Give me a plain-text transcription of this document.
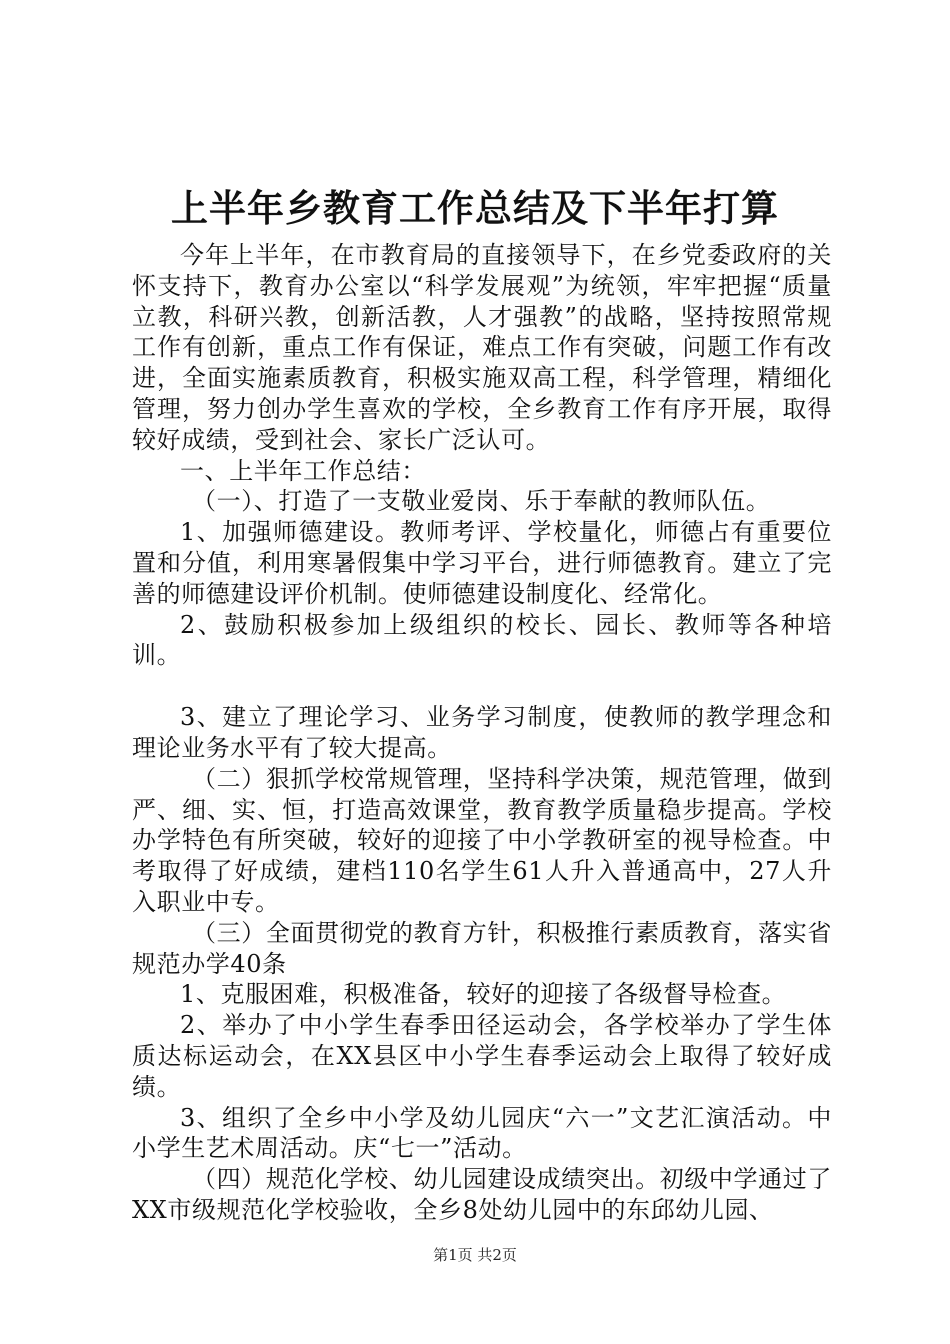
上半年乡教育工作总结及下半年打算

今年上半年，在市教育局的直接领导下，在乡党委政府的关怀支持下，教育办公室以“科学发展观”为统领，牢牢把握“质量立教，科研兴教，创新活教，人才强教”的战略，坚持按照常规工作有创新，重点工作有保证，难点工作有突破，问题工作有改进，全面实施素质教育，积极实施双高工程，科学管理，精细化管理，努力创办学生喜欢的学校，全乡教育工作有序开展，取得较好成绩，受到社会、家长广泛认可。

一、上半年工作总结：

（一）、打造了一支敬业爱岗、乐于奉献的教师队伍。

1、加强师德建设。教师考评、学校量化，师德占有重要位置和分值，利用寒暑假集中学习平台，进行师德教育。建立了完善的师德建设评价机制。使师德建设制度化、经常化。

2、鼓励积极参加上级组织的校长、园长、教师等各种培训。

3、建立了理论学习、业务学习制度，使教师的教学理念和理论业务水平有了较大提高。

（二）狠抓学校常规管理，坚持科学决策，规范管理，做到严、细、实、恒，打造高效课堂，教育教学质量稳步提高。学校办学特色有所突破，较好的迎接了中小学教研室的视导检查。中考取得了好成绩，建档110名学生61人升入普通高中，27人升入职业中专。

（三）全面贯彻党的教育方针，积极推行素质教育，落实省规范办学40条

1、克服困难，积极准备，较好的迎接了各级督导检查。

2、举办了中小学生春季田径运动会，各学校举办了学生体质达标运动会，在XX县区中小学生春季运动会上取得了较好成绩。

3、组织了全乡中小学及幼儿园庆“六一”文艺汇演活动。中小学生艺术周活动。庆“七一”活动。

（四）规范化学校、幼儿园建设成绩突出。初级中学通过了XX市级规范化学校验收，全乡8处幼儿园中的东邱幼儿园、

第1页 共2页
